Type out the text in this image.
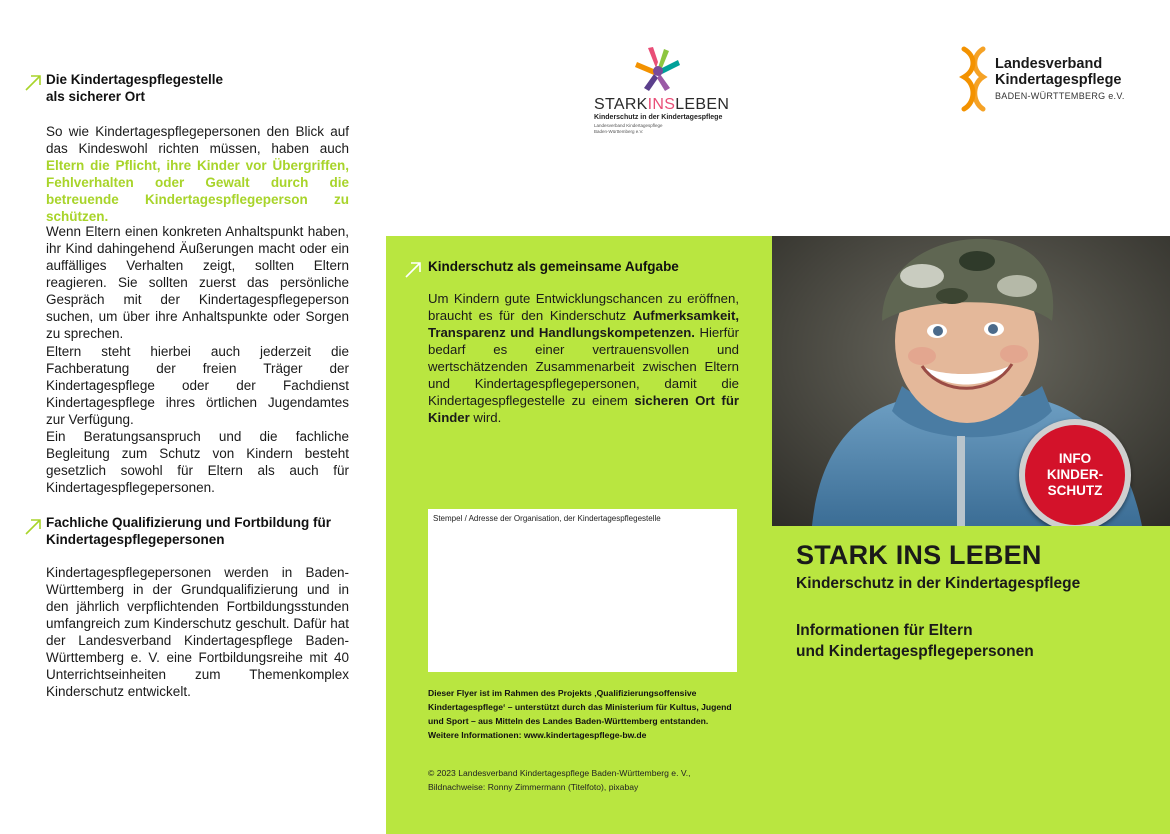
Die Kindertagespflegestelle
als sicherer Ort
So wie Kindertagespflegepersonen den Blick auf das Kindeswohl richten müssen, haben auch Eltern die Pflicht, ihre Kinder vor Übergriffen, Fehlverhalten oder Gewalt durch die betreuende Kindertagespflegeperson zu schützen.
Wenn Eltern einen konkreten Anhaltspunkt haben, ihr Kind dahingehend Äußerungen macht oder ein auffälliges Verhalten zeigt, sollten Eltern reagieren. Sie sollten zuerst das persönliche Gespräch mit der Kindertagespflegeperson suchen, um über ihre Anhaltspunkte oder Sorgen zu sprechen.
Eltern steht hierbei auch jederzeit die Fachberatung der freien Träger der Kindertagespflege oder der Fachdienst Kindertagespflege ihres örtlichen Jugendamtes zur Verfügung.
Ein Beratungsanspruch und die fachliche Begleitung zum Schutz von Kindern besteht gesetzlich sowohl für Eltern als auch für Kindertagespflegepersonen.
Fachliche Qualifizierung und Fortbildung für
Kindertagespflegepersonen
Kindertagespflegepersonen werden in Baden-Württemberg in der Grundqualifizierung und in den jährlich verpflichtenden Fortbildungsstunden umfangreich zum Kinderschutz geschult. Dafür hat der Landesverband Kindertagespflege Baden-Württemberg e. V. eine Fortbildungsreihe mit 40 Unterrichtseinheiten zum Themenkomplex Kinderschutz entwickelt.
STARKINSLEBEN
Kinderschutz in der Kindertagespflege
Landesverband Kindertagespflege
Baden-Württemberg e.V.
Landesverband
Kindertagespflege
BADEN-WÜRTTEMBERG e.V.
Kinderschutz als gemeinsame Aufgabe
Um Kindern gute Entwicklungschancen zu eröffnen, braucht es für den Kinderschutz Aufmerksamkeit, Transparenz und Handlungskompetenzen. Hierfür bedarf es einer vertrauensvollen und wertschätzenden Zusammenarbeit zwischen Eltern und Kindertagespflegepersonen, damit die Kindertagespflegestelle zu einem sicheren Ort für Kinder wird.
Stempel / Adresse der Organisation, der Kindertagespflegestelle
Dieser Flyer ist im Rahmen des Projekts ‚Qualifizierungsoffensive Kindertagespflege‘ – unterstützt durch das Ministerium für Kultus, Jugend und Sport – aus Mitteln des Landes Baden-Württemberg entstanden. Weitere Informationen: www.kindertagespflege-bw.de
© 2023 Landesverband Kindertagespflege Baden-Württemberg e. V.,
Bildnachweise: Ronny Zimmermann (Titelfoto), pixabay
INFO
KINDER-
SCHUTZ
STARK INS LEBEN
Kinderschutz in der Kindertagespflege
Informationen für Eltern
und Kindertagespflegepersonen
